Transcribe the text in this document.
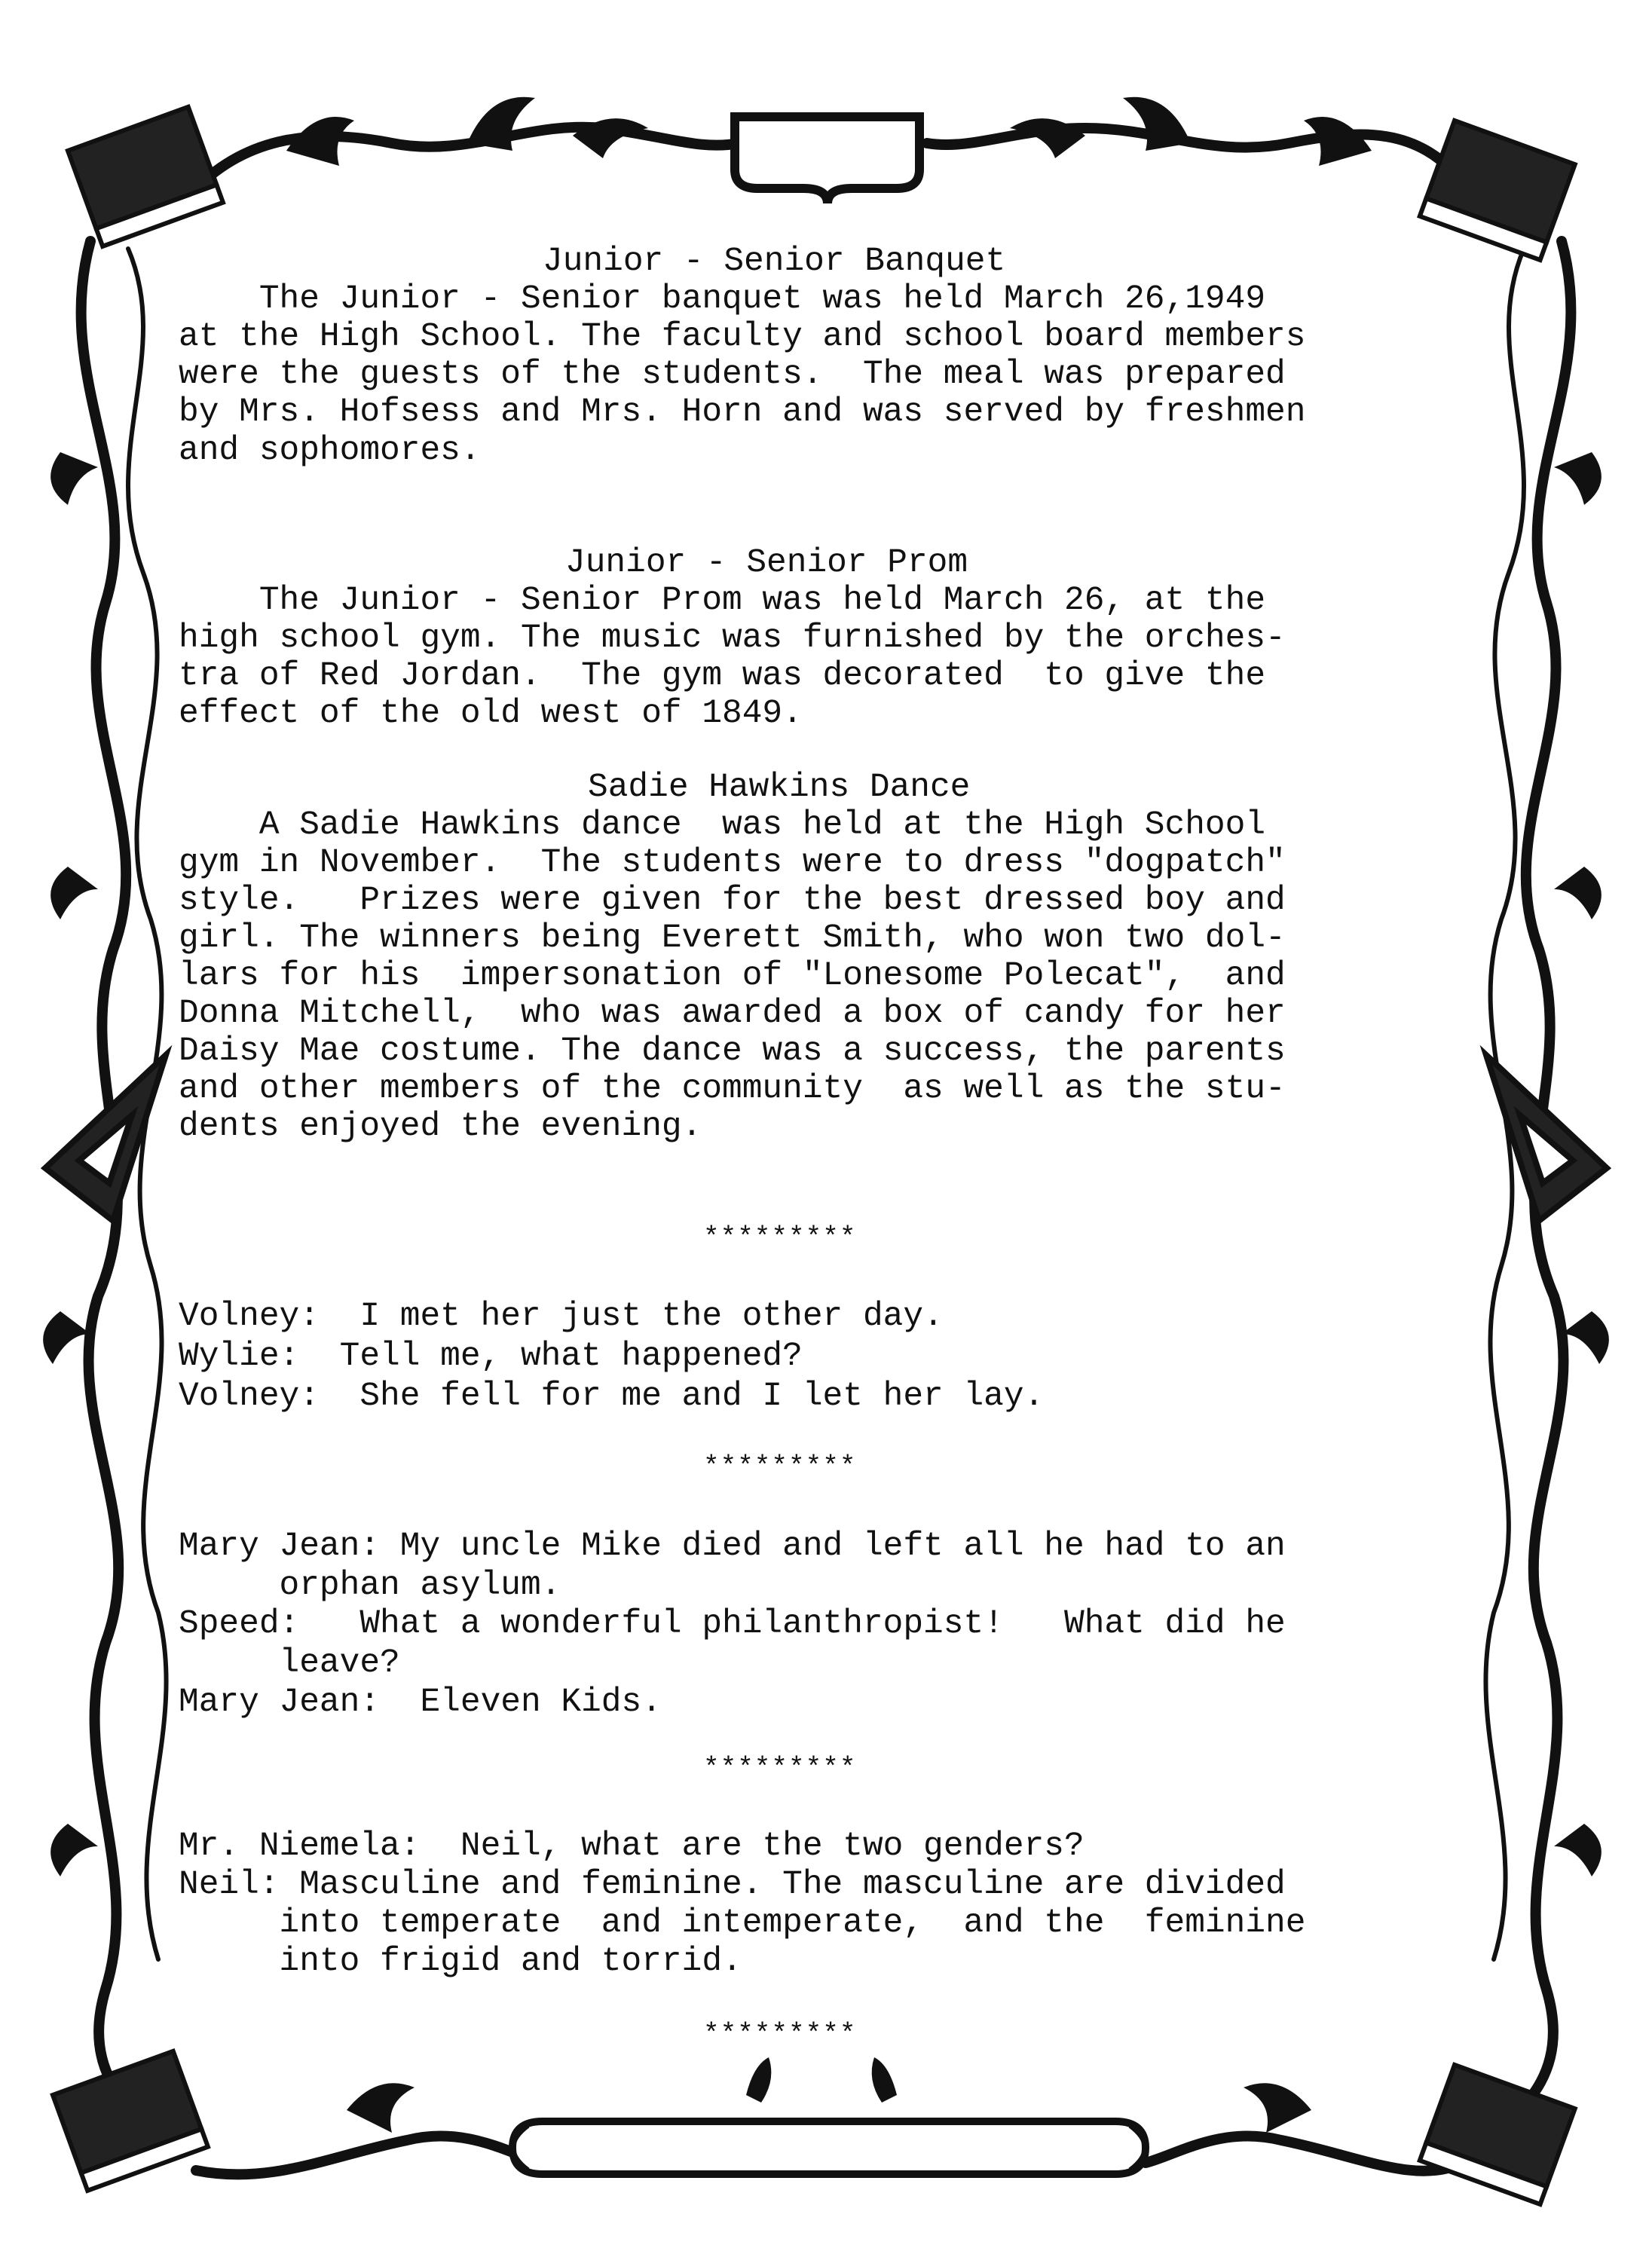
Junior - Senior Banquet
The Junior - Senior banquet was held March 26,1949
at the High School. The faculty and school board members
were the guests of the students.  The meal was prepared
by Mrs. Hofsess and Mrs. Horn and was served by freshmen
and sophomores.
Junior - Senior Prom
The Junior - Senior Prom was held March 26, at the
high school gym. The music was furnished by the orches-
tra of Red Jordan.  The gym was decorated  to give the
effect of the old west of 1849.
Sadie Hawkins Dance
A Sadie Hawkins dance  was held at the High School
gym in November.  The students were to dress "dogpatch"
style.   Prizes were given for the best dressed boy and
girl. The winners being Everett Smith, who won two dol-
lars for his  impersonation of "Lonesome Polecat",  and
Donna Mitchell,  who was awarded a box of candy for her
Daisy Mae costume. The dance was a success, the parents
and other members of the community  as well as the stu-
dents enjoyed the evening.
*********
Volney:  I met her just the other day.
Wylie:  Tell me, what happened?
Volney:  She fell for me and I let her lay.
*********
Mary Jean: My uncle Mike died and left all he had to an
orphan asylum.
Speed:   What a wonderful philanthropist!   What did he
leave?
Mary Jean:  Eleven Kids.
*********
Mr. Niemela:  Neil, what are the two genders?
Neil: Masculine and feminine. The masculine are divided
into temperate  and intemperate,  and the  feminine
into frigid and torrid.
*********
